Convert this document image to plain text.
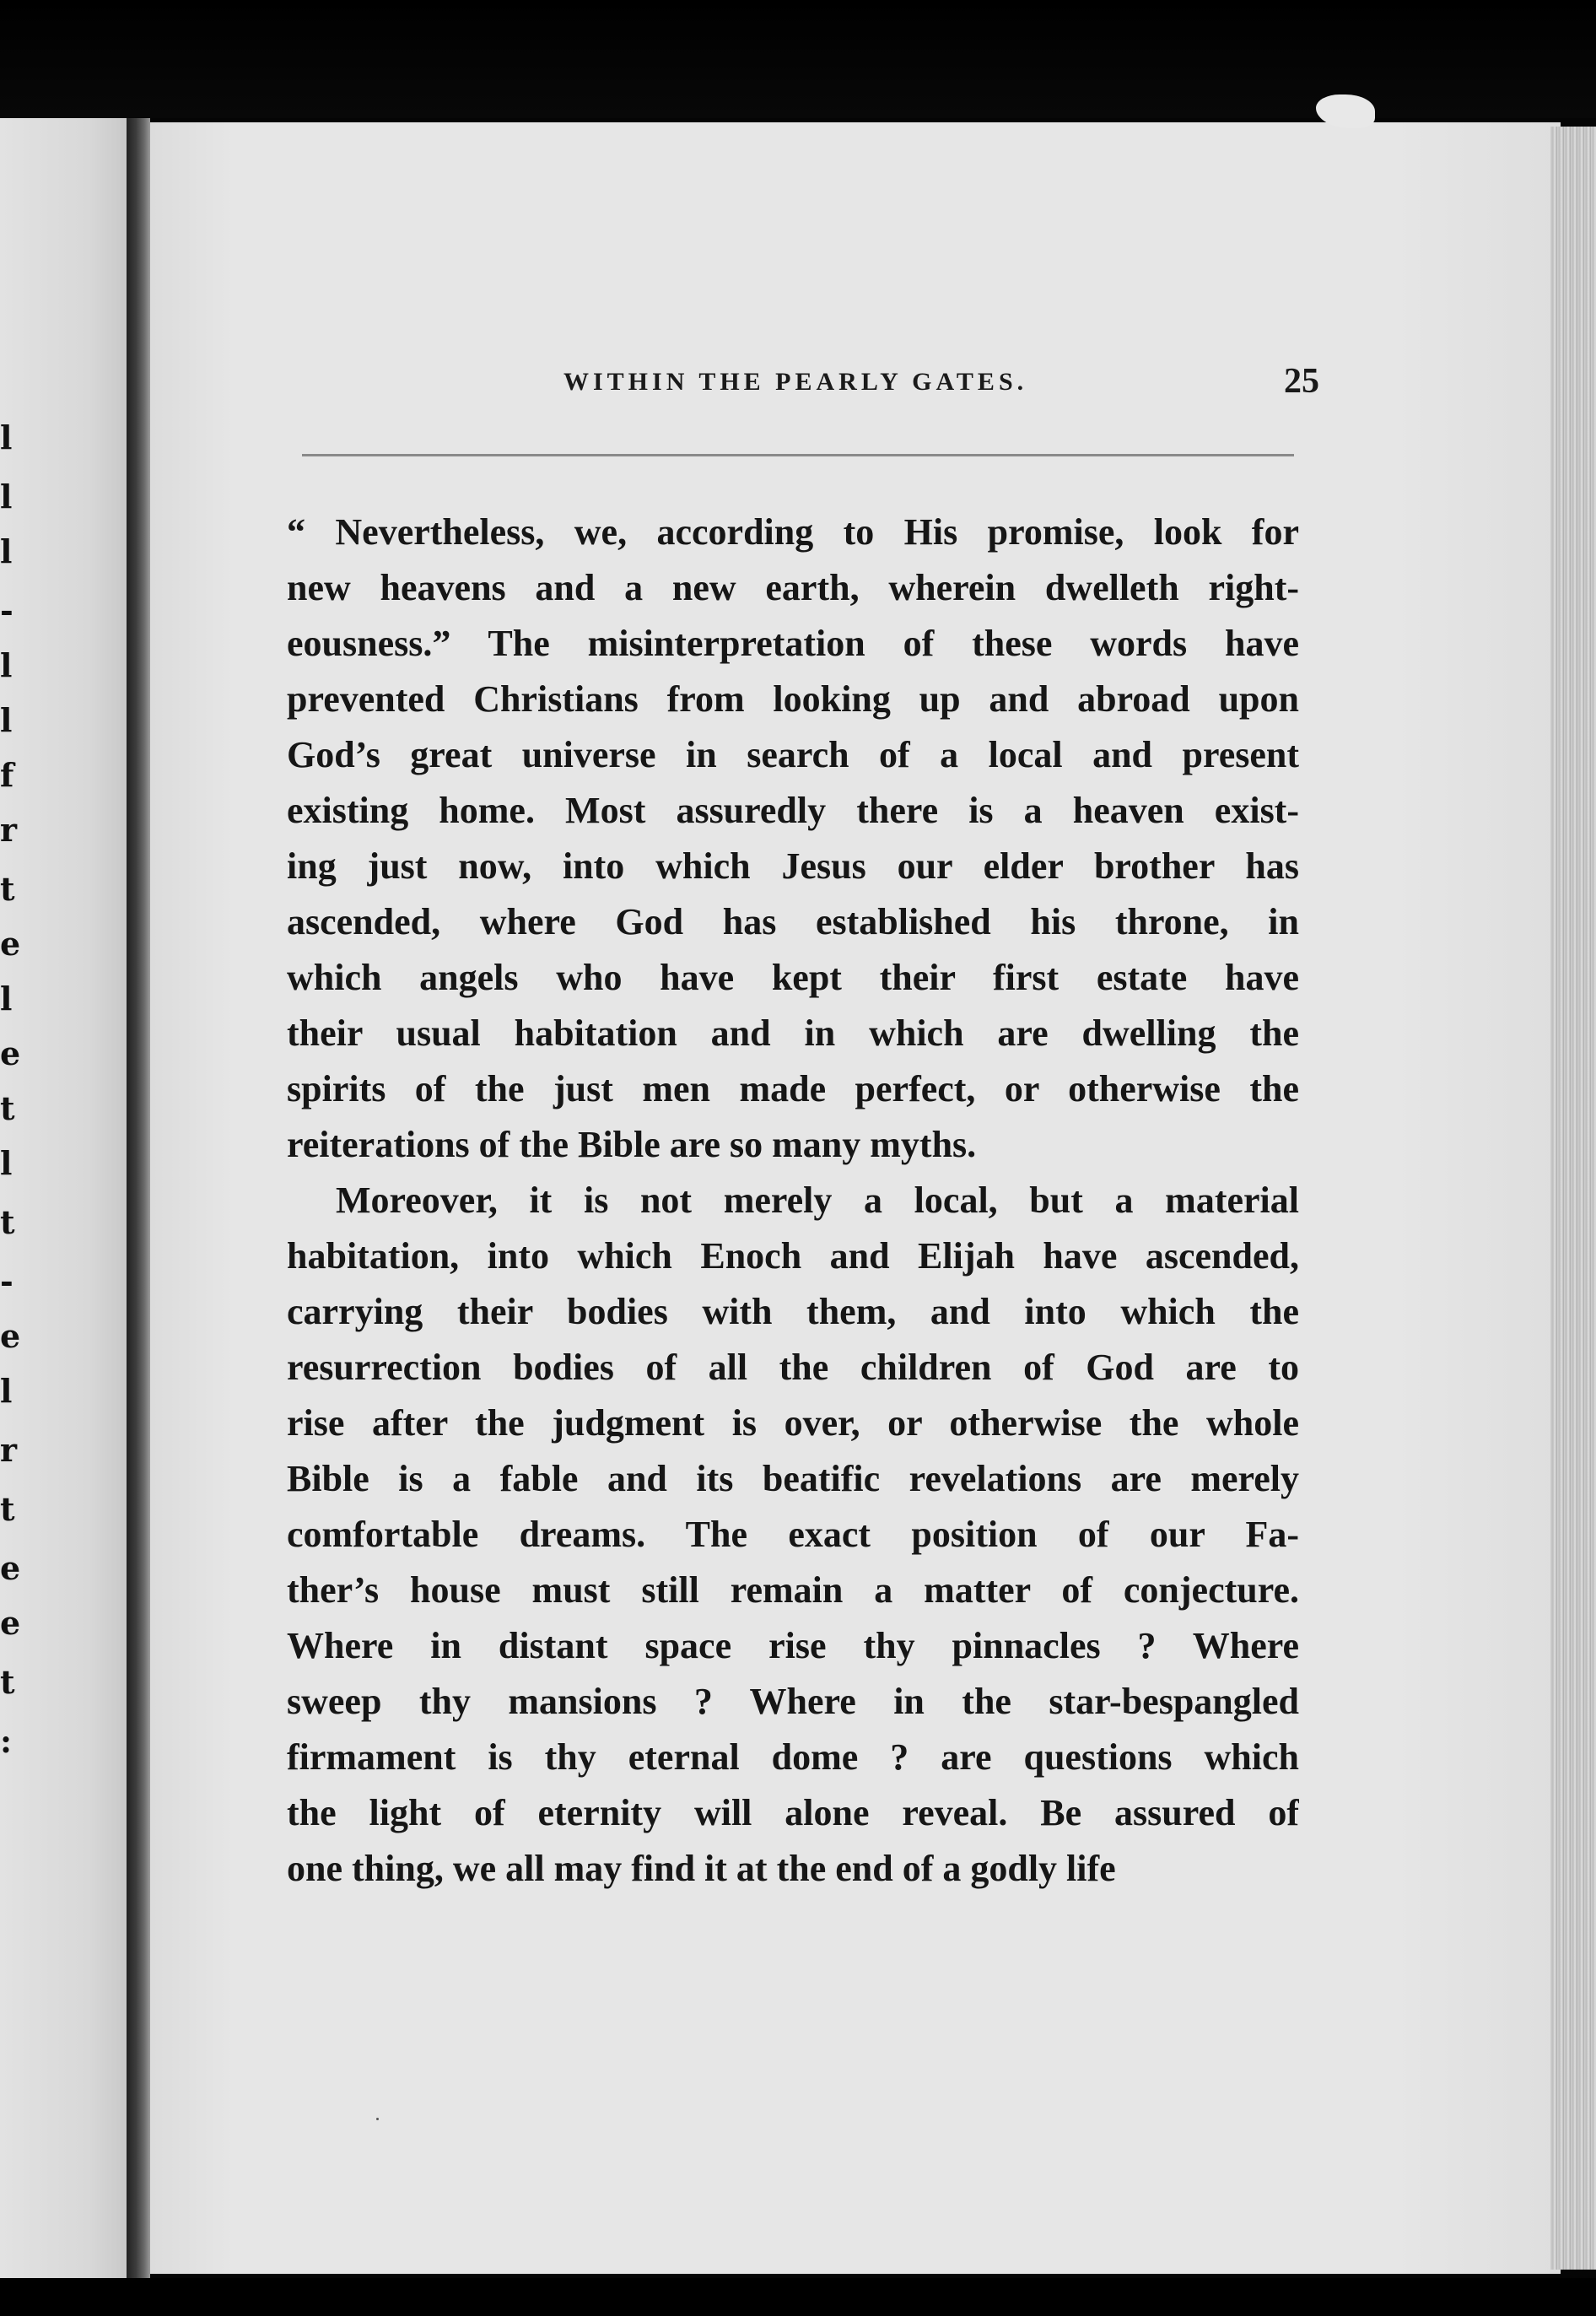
l
l
l
-
l
l
f
r
t
e
l
e
t
l
t
-
e
l
r
t
e
e
t
:
WITHIN THE PEARLY GATES.	25
“ Nevertheless, we, according to His promise, look for
new heavens and a new earth, wherein dwelleth right-
eousness.” The misinterpretation of these words have
prevented Christians from looking up and abroad upon
God’s great universe in search of a local and present
existing home. Most assuredly there is a heaven exist-
ing just now, into which Jesus our elder brother has
ascended, where God has established his throne, in
which angels who have kept their first estate have
their usual habitation and in which are dwelling the
spirits of the just men made perfect, or otherwise the
reiterations of the Bible are so many myths.
Moreover, it is not merely a local, but a material
habitation, into which Enoch and Elijah have ascended,
carrying their bodies with them, and into which the
resurrection bodies of all the children of God are to
rise after the judgment is over, or otherwise the whole
Bible is a fable and its beatific revelations are merely
comfortable dreams. The exact position of our Fa-
ther’s house must still remain a matter of conjecture.
Where in distant space rise thy pinnacles ? Where
sweep thy mansions ? Where in the star-bespangled
firmament is thy eternal dome ? are questions which
the light of eternity will alone reveal. Be assured of
one thing, we all may find it at the end of a godly life
